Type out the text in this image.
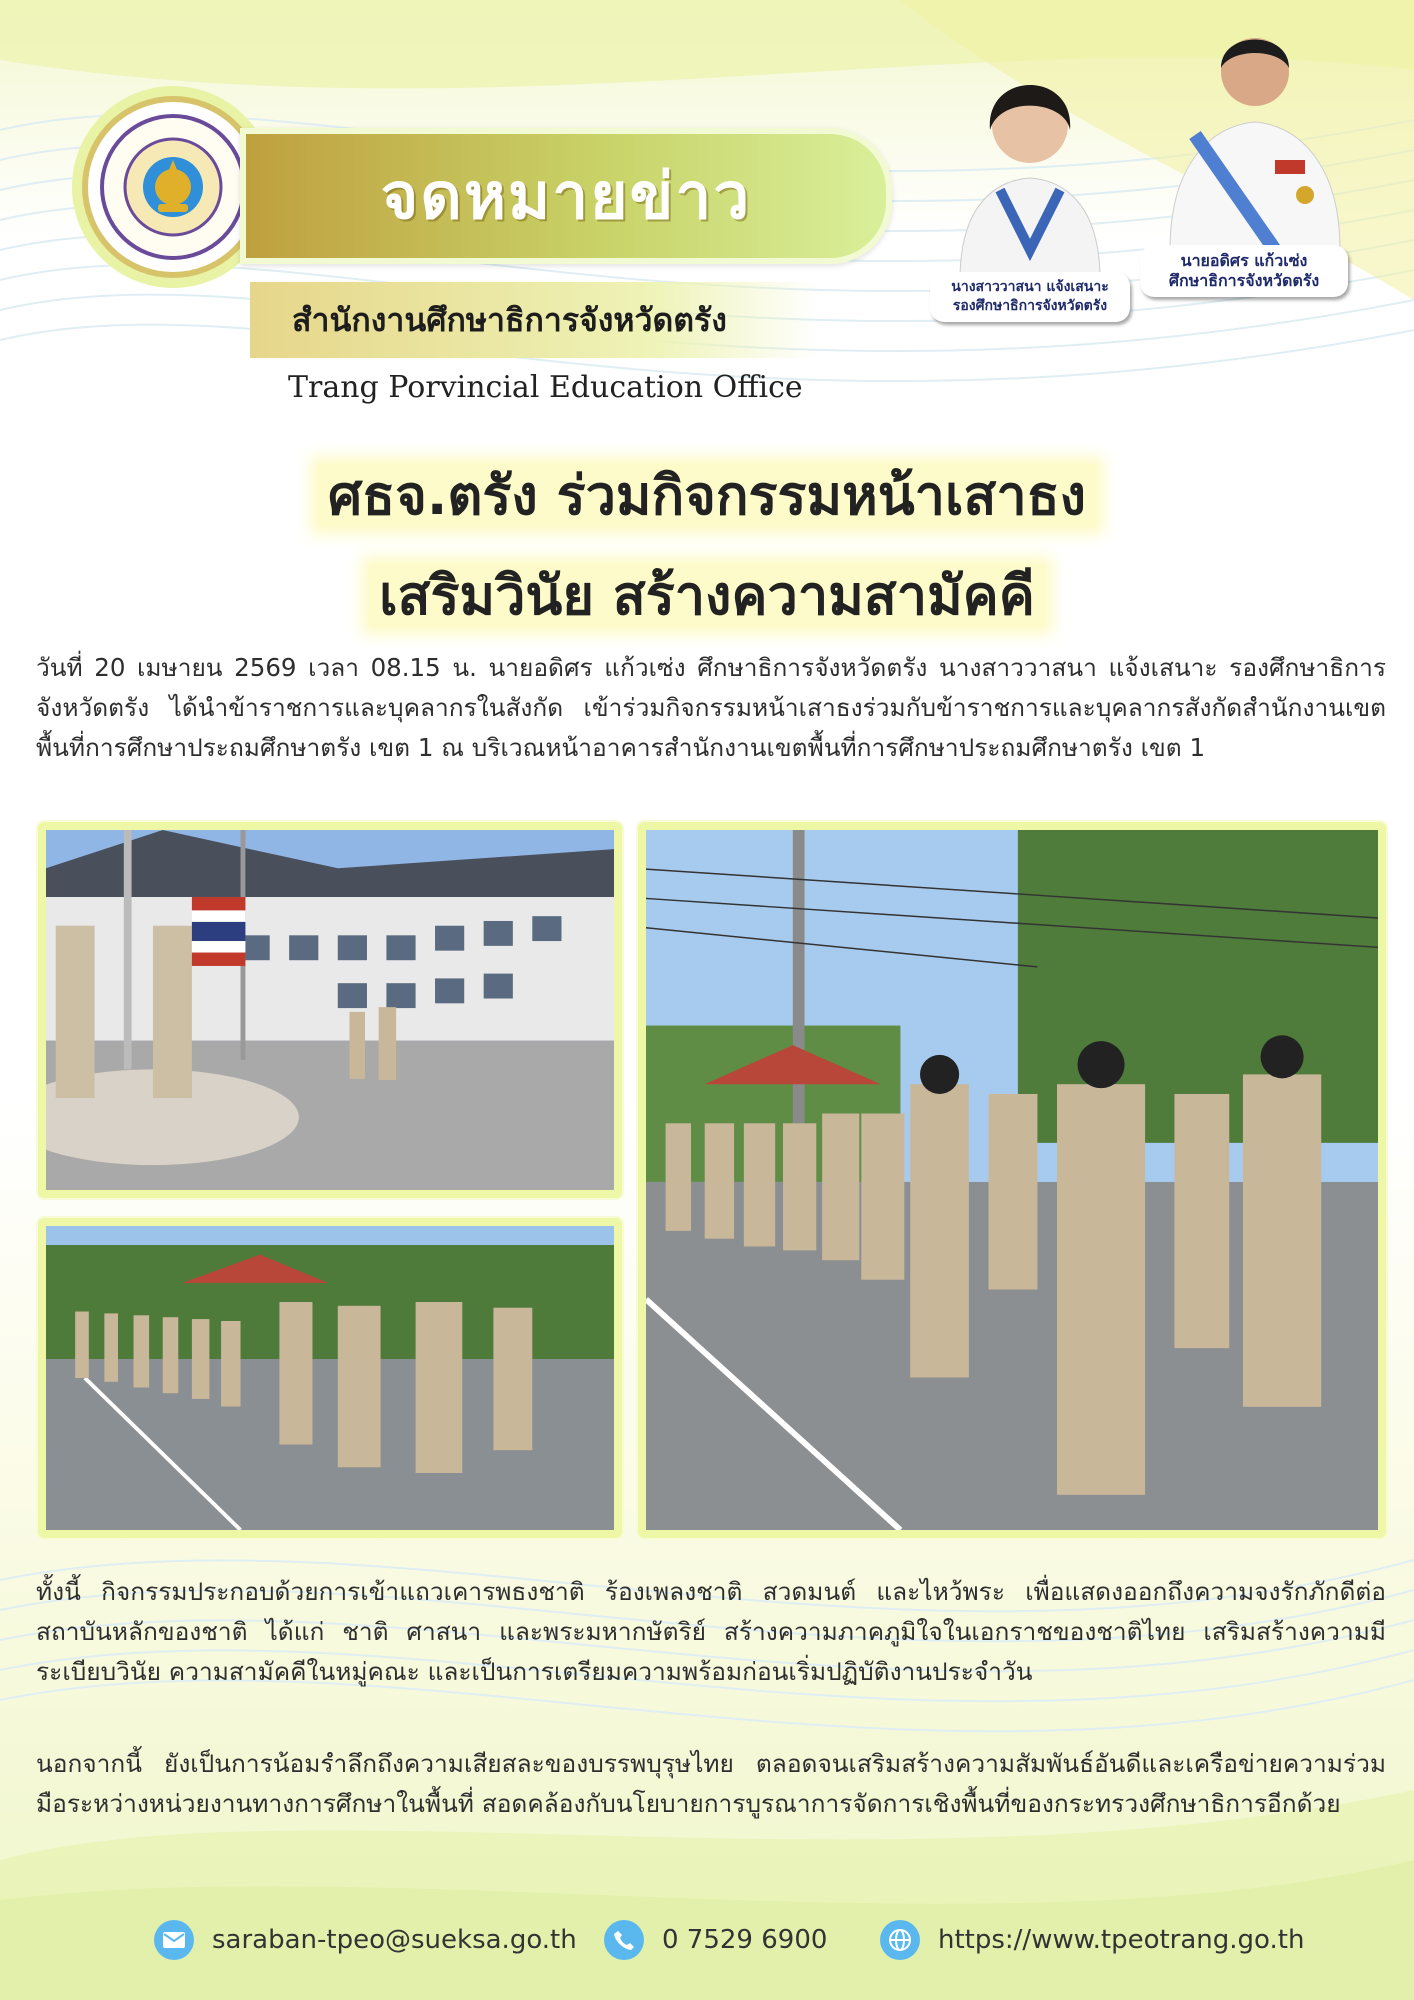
จดหมายข่าว
สำนักงานศึกษาธิการจังหวัดตรัง
Trang Porvincial Education Office
นางสาววาสนา แจ้งเสนาะ
รองศึกษาธิการจังหวัดตรัง
นายอดิศร แก้วเซ่ง
ศึกษาธิการจังหวัดตรัง
ศธจ.ตรัง ร่วมกิจกรรมหน้าเสาธง
เสริมวินัย สร้างความสามัคคี
วันที่ 20 เมษายน 2569 เวลา 08.15 น. นายอดิศร แก้วเซ่ง ศึกษาธิการจังหวัดตรัง นางสาววาสนา แจ้งเสนาะ รองศึกษาธิการจังหวัดตรัง ได้นำข้าราชการและบุคลากรในสังกัด เข้าร่วมกิจกรรมหน้าเสาธงร่วมกับข้าราชการและบุคลากรสังกัดสำนักงานเขตพื้นที่การศึกษาประถมศึกษาตรัง เขต 1 ณ บริเวณหน้าอาคารสำนักงานเขตพื้นที่การศึกษาประถมศึกษาตรัง เขต 1
ทั้งนี้ กิจกรรมประกอบด้วยการเข้าแถวเคารพธงชาติ ร้องเพลงชาติ สวดมนต์ และไหว้พระ เพื่อแสดงออกถึงความจงรักภักดีต่อสถาบันหลักของชาติ ได้แก่ ชาติ ศาสนา และพระมหากษัตริย์ สร้างความภาคภูมิใจในเอกราชของชาติไทย เสริมสร้างความมีระเบียบวินัย ความสามัคคีในหมู่คณะ และเป็นการเตรียมความพร้อมก่อนเริ่มปฏิบัติงานประจำวัน
นอกจากนี้ ยังเป็นการน้อมรำลึกถึงความเสียสละของบรรพบุรุษไทย ตลอดจนเสริมสร้างความสัมพันธ์อันดีและเครือข่ายความร่วมมือระหว่างหน่วยงานทางการศึกษาในพื้นที่ สอดคล้องกับนโยบายการบูรณาการจัดการเชิงพื้นที่ของกระทรวงศึกษาธิการอีกด้วย
saraban-tpeo@sueksa.go.th	0 7529 6900	https://www.tpeotrang.go.th
